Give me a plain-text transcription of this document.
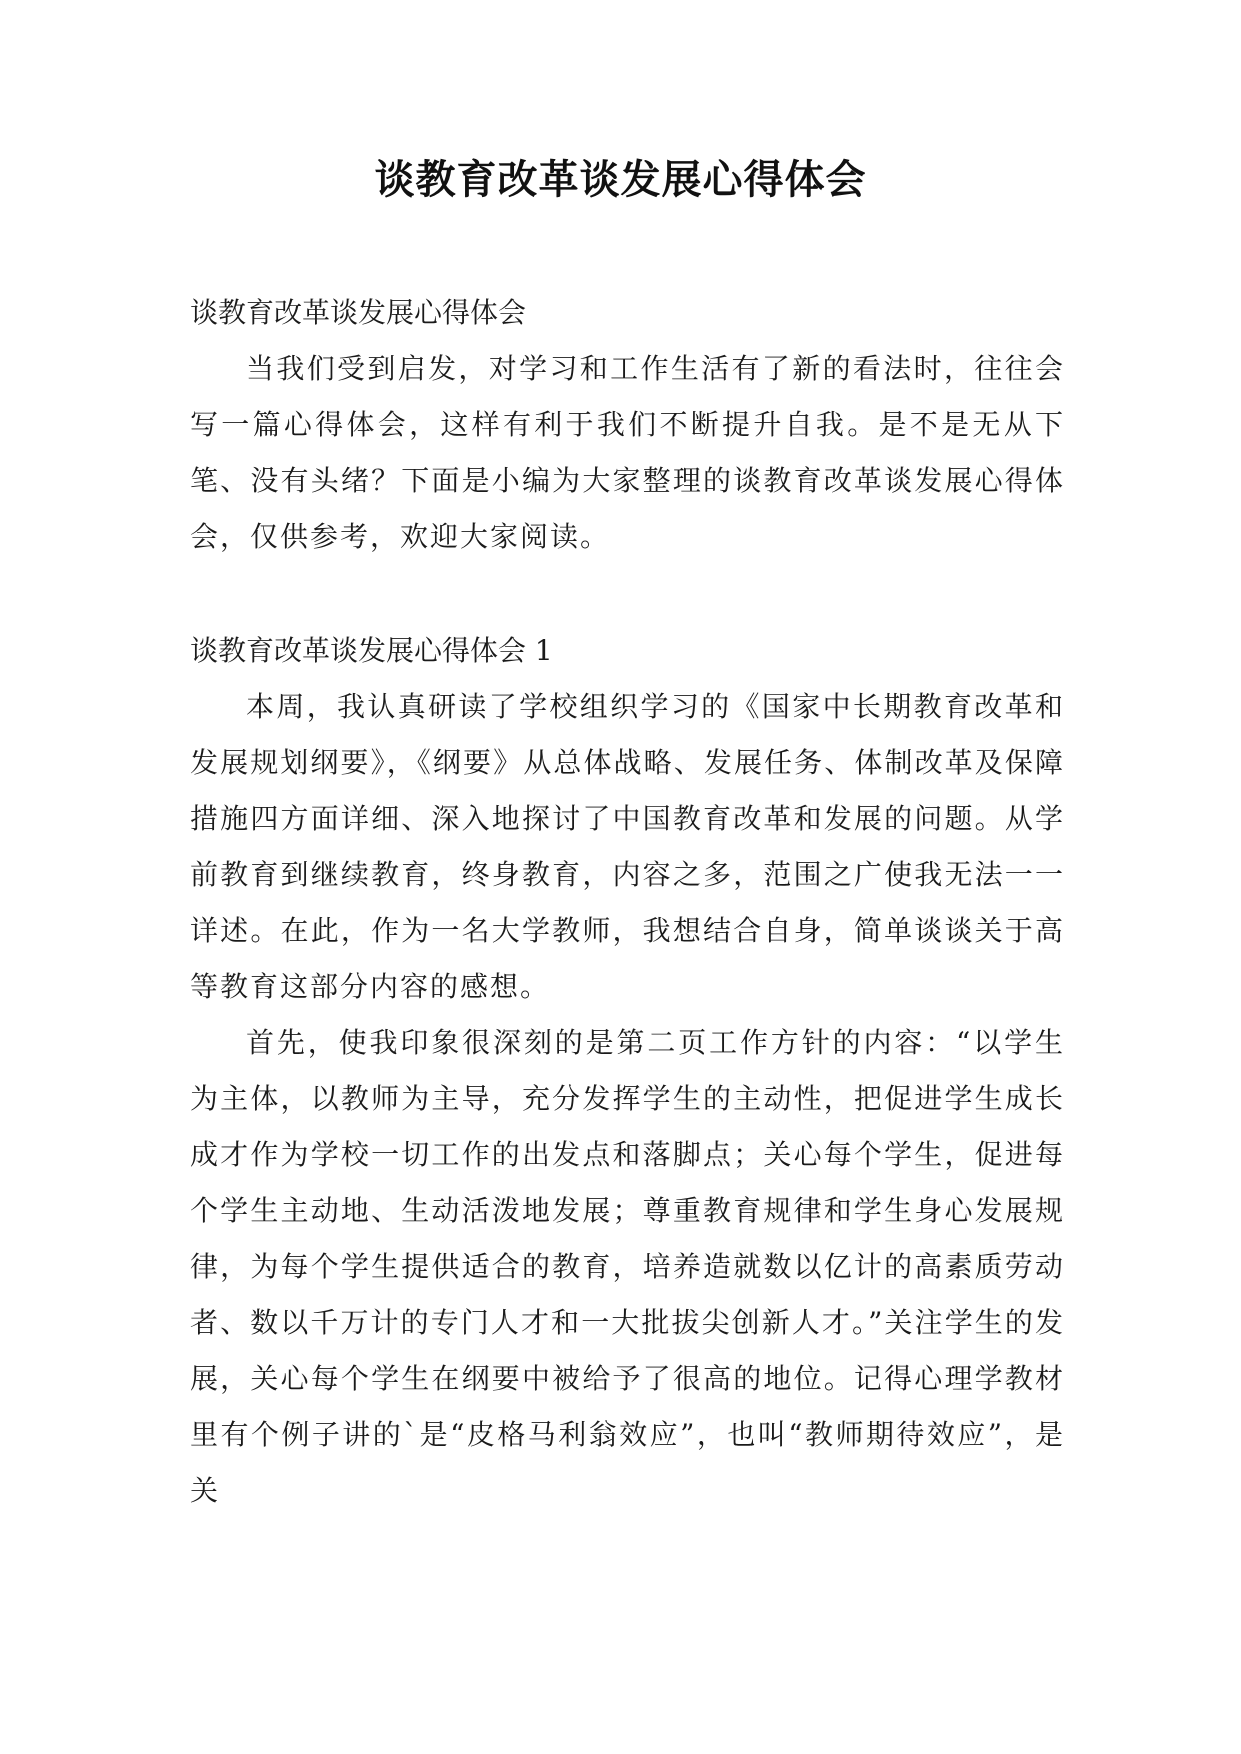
谈教育改革谈发展心得体会

谈教育改革谈发展心得体会

当我们受到启发，对学习和工作生活有了新的看法时，往往会写一篇心得体会，这样有利于我们不断提升自我。是不是无从下笔、没有头绪？下面是小编为大家整理的谈教育改革谈发展心得体会，仅供参考，欢迎大家阅读。

谈教育改革谈发展心得体会 1

本周，我认真研读了学校组织学习的《国家中长期教育改革和发展规划纲要》，《纲要》从总体战略、发展任务、体制改革及保障措施四方面详细、深入地探讨了中国教育改革和发展的问题。从学前教育到继续教育，终身教育，内容之多，范围之广使我无法一一详述。在此，作为一名大学教师，我想结合自身，简单谈谈关于高等教育这部分内容的感想。

首先，使我印象很深刻的是第二页工作方针的内容：“以学生为主体，以教师为主导，充分发挥学生的主动性，把促进学生成长成才作为学校一切工作的出发点和落脚点；关心每个学生，促进每个学生主动地、生动活泼地发展；尊重教育规律和学生身心发展规律，为每个学生提供适合的教育，培养造就数以亿计的高素质劳动者、数以千万计的专门人才和一大批拔尖创新人才。”关注学生的发展，关心每个学生在纲要中被给予了很高的地位。记得心理学教材里有个例子讲的`是“皮格马利翁效应”，也叫“教师期待效应”，是关
